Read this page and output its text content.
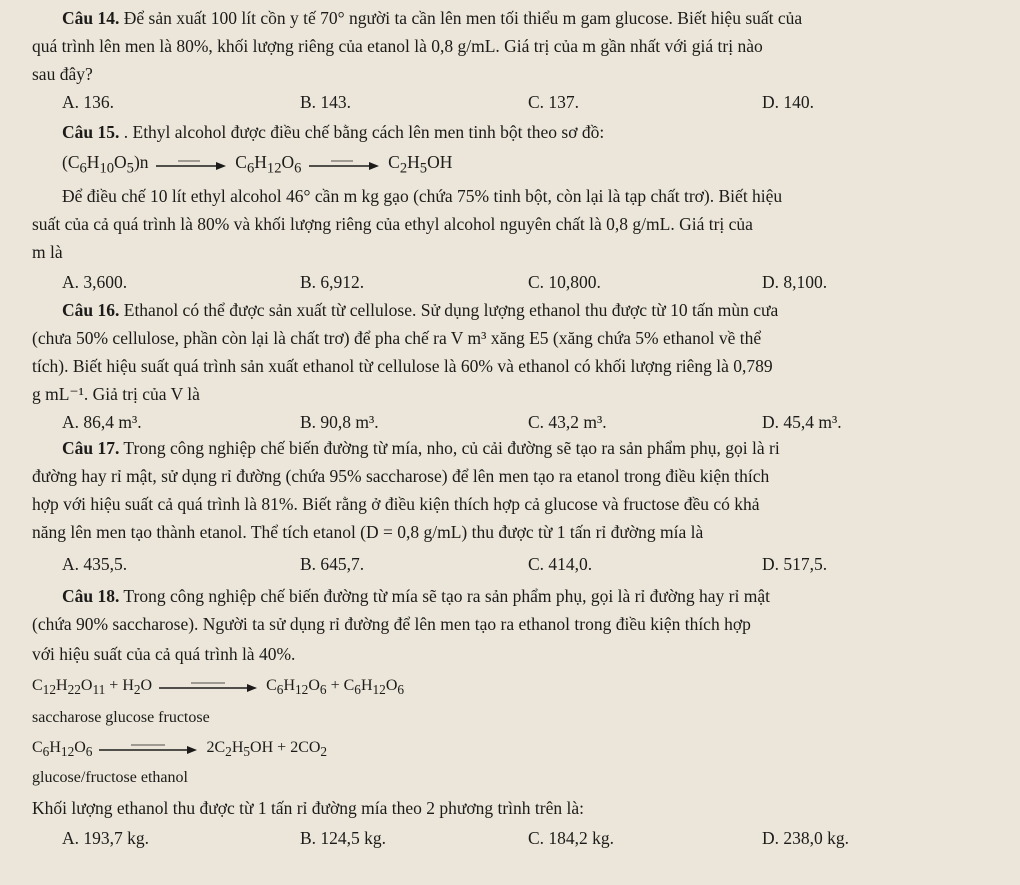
Câu 14. Để sản xuất 100 lít cồn y tế 70° người ta cần lên men tối thiểu m gam glucose. Biết hiệu suất của
quá trình lên men là 80%, khối lượng riêng của etanol là 0,8 g/mL. Giá trị của m gần nhất với giá trị nào
sau đây?
A. 136.	B. 143.	C. 137.	D. 140.
Câu 15. . Ethyl alcohol được điều chế bằng cách lên men tinh bột theo sơ đồ:
$(C_6H_{10}O_5)n$	$C_6H_{12}O_6$	$C_2H_5OH$
Để điều chế 10 lít ethyl alcohol 46° cần m kg gạo (chứa 75% tinh bột, còn lại là tạp chất trơ). Biết hiệu
suất của cả quá trình là 80% và khối lượng riêng của ethyl alcohol nguyên chất là 0,8 g/mL. Giá trị của
m là
A. 3,600.	B. 6,912.	C. 10,800.	D. 8,100.
Câu 16. Ethanol có thể được sản xuất từ cellulose. Sử dụng lượng ethanol thu được từ 10 tấn mùn cưa
(chưa 50% cellulose, phần còn lại là chất trơ) để pha chế ra V m³ xăng E5 (xăng chứa 5% ethanol về thể
tích). Biết hiệu suất quá trình sản xuất ethanol từ cellulose là 60% và ethanol có khối lượng riêng là 0,789
g mL⁻¹. Giả trị của V là
A. 86,4 m³.	B. 90,8 m³.	C. 43,2 m³.	D. 45,4 m³.
Câu 17. Trong công nghiệp chế biến đường từ mía, nho, củ cải đường sẽ tạo ra sản phẩm phụ, gọi là ri
đường hay rỉ mật, sử dụng rỉ đường (chứa 95% saccharose) để lên men tạo ra etanol trong điều kiện thích
hợp với hiệu suất cả quá trình là 81%. Biết rằng ở điều kiện thích hợp cả glucose và fructose đều có khả
năng lên men tạo thành etanol. Thể tích etanol (D = 0,8 g/mL) thu được từ 1 tấn rỉ đường mía là
A. 435,5.	B. 645,7.	C. 414,0.	D. 517,5.
Câu 18. Trong công nghiệp chế biến đường từ mía sẽ tạo ra sản phẩm phụ, gọi là rỉ đường hay rỉ mật
(chứa 90% saccharose). Người ta sử dụng rỉ đường để lên men tạo ra ethanol trong điều kiện thích hợp
với hiệu suất của cả quá trình là 40%.
$C_{12}H_{22}O_{11} + H_2O$	$C_6H_{12}O_6 + C_6H_{12}O_6$
saccharose glucose fructose
$C_6H_{12}O_6$	$2C_2H_5OH + 2CO_2$
glucose/fructose ethanol
Khối lượng ethanol thu được từ 1 tấn rỉ đường mía theo 2 phương trình trên là:
A. 193,7 kg.	B. 124,5 kg.	C. 184,2 kg.	D. 238,0 kg.
